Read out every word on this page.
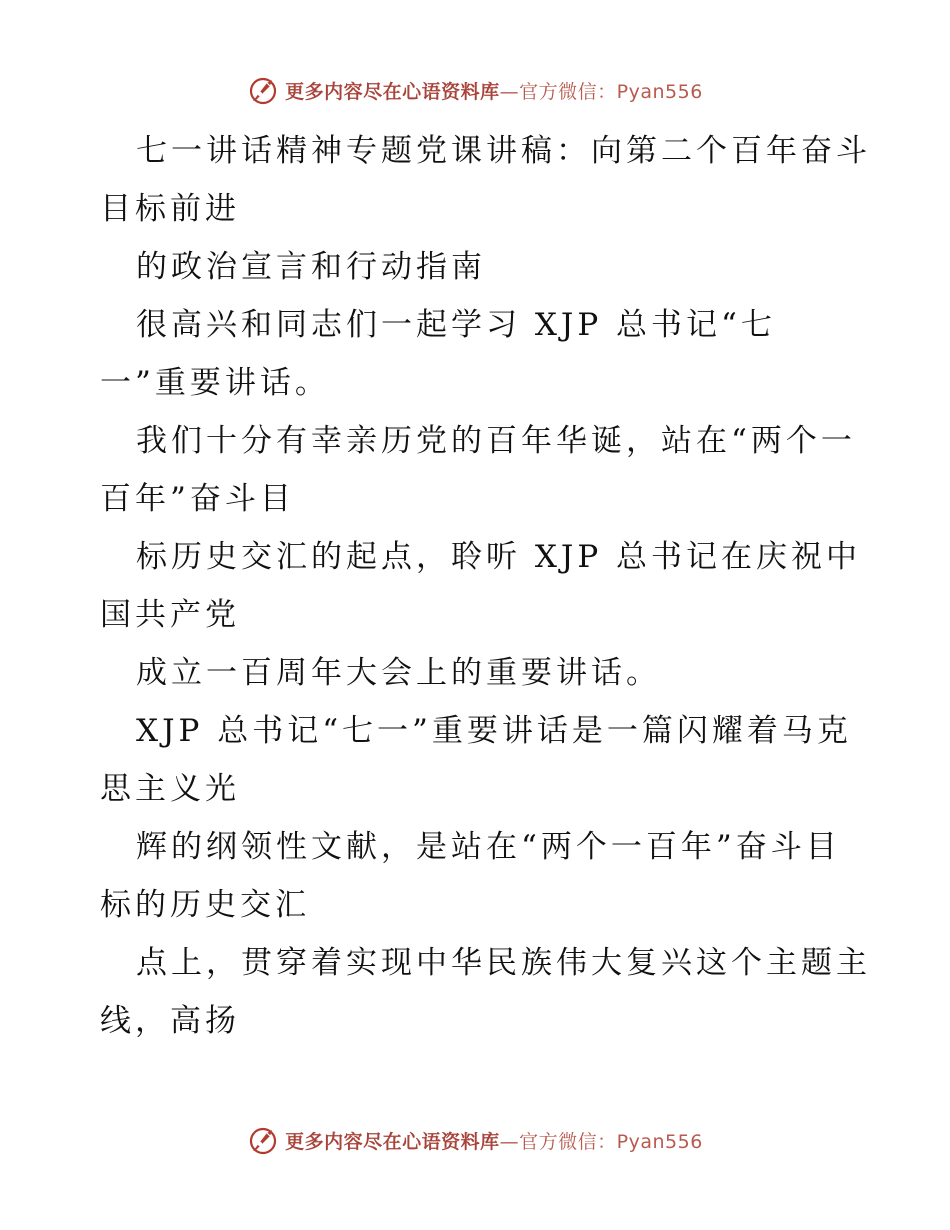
更多内容尽在心语资料库—官方微信：Pyan556

七一讲话精神专题党课讲稿：向第二个百年奋斗

目标前进

的政治宣言和行动指南

很高兴和同志们一起学习 XJP 总书记“七

一”重要讲话。

我们十分有幸亲历党的百年华诞，站在“两个一

百年”奋斗目

标历史交汇的起点，聆听 XJP 总书记在庆祝中

国共产党

成立一百周年大会上的重要讲话。

XJP 总书记“七一”重要讲话是一篇闪耀着马克

思主义光

辉的纲领性文献，是站在“两个一百年”奋斗目

标的历史交汇

点上，贯穿着实现中华民族伟大复兴这个主题主

线，高扬

更多内容尽在心语资料库—官方微信：Pyan556
